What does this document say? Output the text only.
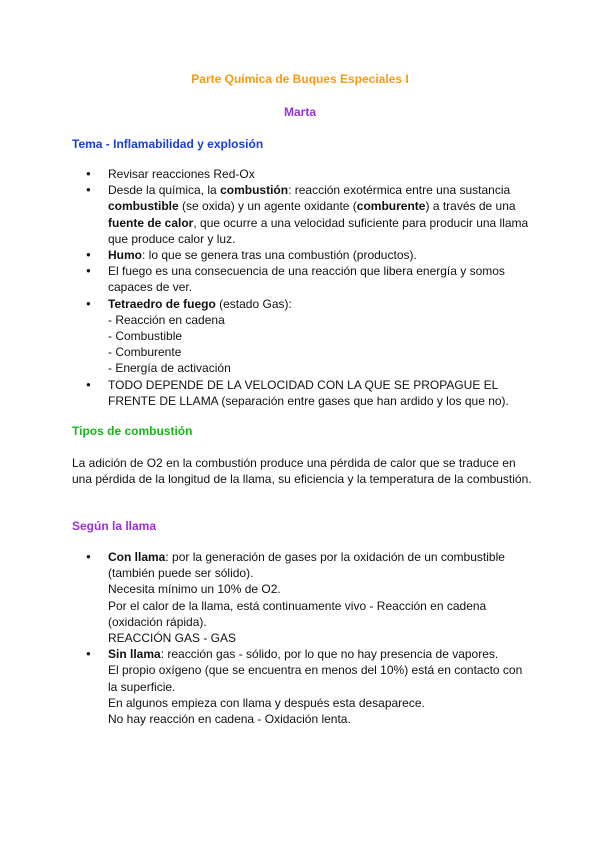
Parte Química de Buques Especiales I
Marta
Tema - Inflamabilidad y explosión
● Revisar reacciones Red-Ox
● Desde la química, la combustión: reacción exotérmica entre una sustancia combustible (se oxida) y un agente oxidante (comburente) a través de una fuente de calor, que ocurre a una velocidad suficiente para producir una llama que produce calor y luz.
● Humo: lo que se genera tras una combustión (productos).
● El fuego es una consecuencia de una reacción que libera energía y somos capaces de ver.
● Tetraedro de fuego (estado Gas):
- Reacción en cadena
- Combustible
- Comburente
- Energía de activación
● TODO DEPENDE DE LA VELOCIDAD CON LA QUE SE PROPAGUE EL FRENTE DE LLAMA (separación entre gases que han ardido y los que no).
Tipos de combustión

La adición de O2 en la combustión produce una pérdida de calor que se traduce en una pérdida de la longitud de la llama, su eficiencia y la temperatura de la combustión.

Según la llama
● Con llama: por la generación de gases por la oxidación de un combustible (también puede ser sólido).
Necesita mínimo un 10% de O2.
Por el calor de la llama, está continuamente vivo - Reacción en cadena (oxidación rápida).
REACCIÓN GAS - GAS
● Sin llama: reacción gas - sólido, por lo que no hay presencia de vapores.
El propio oxígeno (que se encuentra en menos del 10%) está en contacto con la superficie.
En algunos empieza con llama y después esta desaparece.
No hay reacción en cadena - Oxidación lenta.
